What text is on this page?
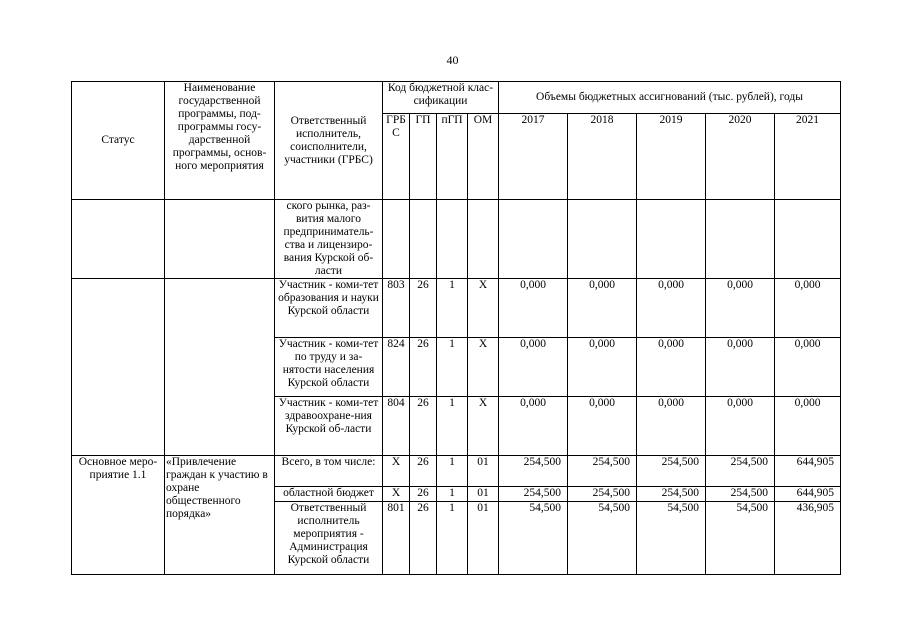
40
Статус	Наименование государственной программы, под-программы госу-дарственной программы, основ-ного мероприятия	Ответственный исполнитель, соисполнители, участники (ГРБС)	Код бюджетной клас-сификации				Объемы бюджетных ассигнований (тыс. рублей), годы				
			ГРБ С	ГП	пГП	ОМ	2017	2018	2019	2020	2021
		ского рынка, раз-вития малого предприниматель-ства и лицензиро-вания Курской об-ласти									
		Участник - коми-тет образования и науки Курской области	803	26	1	Х	0,000	0,000	0,000	0,000	0,000
		Участник - коми-тет по труду и за-нятости населения Курской области	824	26	1	Х	0,000	0,000	0,000	0,000	0,000
		Участник - коми-тет здравоохране-ния Курской об-ласти	804	26	1	Х	0,000	0,000	0,000	0,000	0,000
Основное меро-приятие 1.1	«Привлечение граждан к участию в охране общественного порядка»	Всего, в том числе:	Х	26	1	01	254,500	254,500	254,500	254,500	644,905
		областной бюджет	Х	26	1	01	254,500	254,500	254,500	254,500	644,905
		Ответственный исполнитель мероприятия - Администрация Курской области	801	26	1	01	54,500	54,500	54,500	54,500	436,905
